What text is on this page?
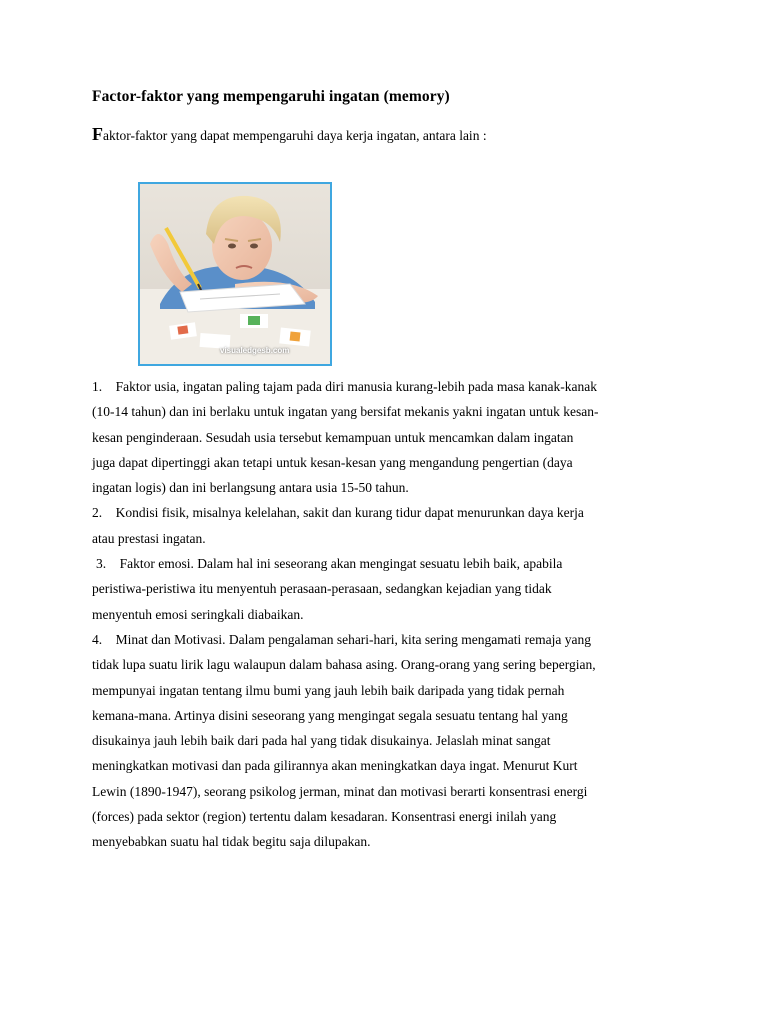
Factor-faktor yang mempengaruhi ingatan (memory)
Faktor-faktor yang dapat mempengaruhi daya kerja ingatan, antara lain :
visualedgesb.com

1. Faktor usia, ingatan paling tajam pada diri manusia kurang-lebih pada masa kanak-kanak

(10-14 tahun) dan ini berlaku untuk ingatan yang bersifat mekanis yakni ingatan untuk kesan-

kesan penginderaan. Sesudah usia tersebut kemampuan untuk mencamkan dalam ingatan

juga dapat dipertinggi akan tetapi untuk kesan-kesan yang mengandung pengertian (daya

ingatan logis) dan ini berlangsung antara usia 15-50 tahun.

2. Kondisi fisik, misalnya kelelahan, sakit dan kurang tidur dapat menurunkan daya kerja

atau prestasi ingatan.

3. Faktor emosi. Dalam hal ini seseorang akan mengingat sesuatu lebih baik, apabila

peristiwa-peristiwa itu menyentuh perasaan-perasaan, sedangkan kejadian yang tidak

menyentuh emosi seringkali diabaikan.

4. Minat dan Motivasi. Dalam pengalaman sehari-hari, kita sering mengamati remaja yang

tidak lupa suatu lirik lagu walaupun dalam bahasa asing. Orang-orang yang sering bepergian,

mempunyai ingatan tentang ilmu bumi yang jauh lebih baik daripada yang tidak pernah

kemana-mana. Artinya disini seseorang yang mengingat segala sesuatu tentang hal yang

disukainya jauh lebih baik dari pada hal yang tidak disukainya. Jelaslah minat sangat

meningkatkan motivasi dan pada gilirannya akan meningkatkan daya ingat. Menurut Kurt

Lewin (1890-1947), seorang psikolog jerman, minat dan motivasi berarti konsentrasi energi

(forces) pada sektor (region) tertentu dalam kesadaran. Konsentrasi energi inilah yang

menyebabkan suatu hal tidak begitu saja dilupakan.
